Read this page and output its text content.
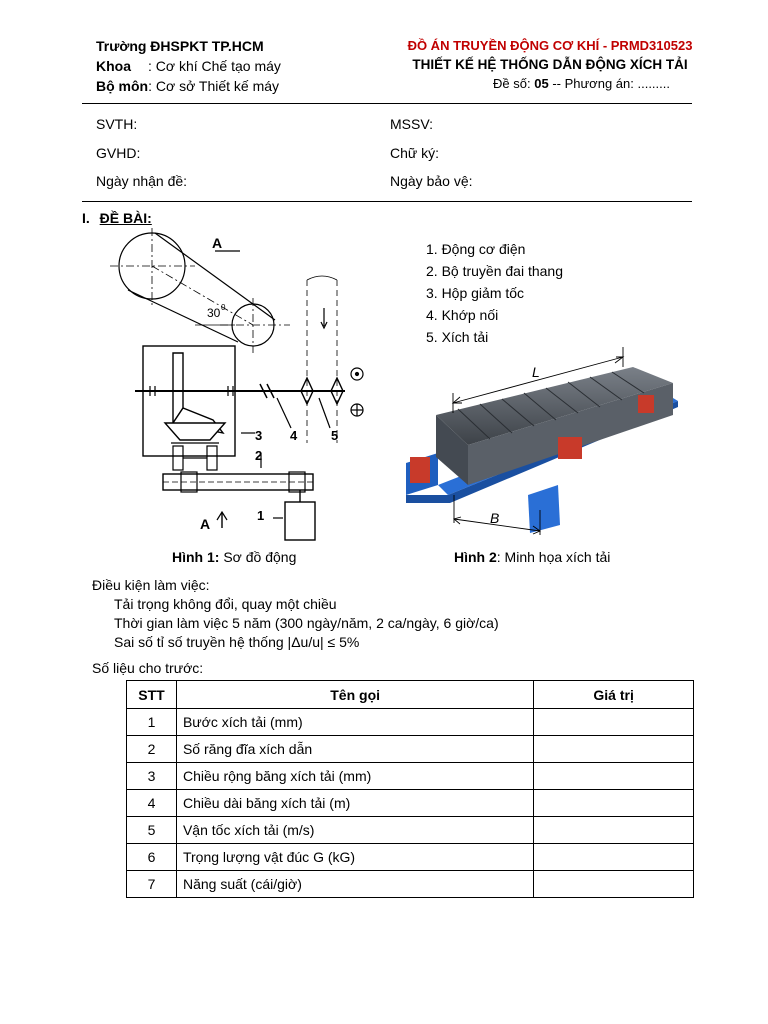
Trường ĐHSPKT TP.HCM
Khoa : Cơ khí Chế tạo máy
Bộ môn: Cơ sở Thiết kế máy
ĐỒ ÁN TRUYỀN ĐỘNG CƠ KHÍ - PRMD310523
THIẾT KẾ HỆ THỐNG DẪN ĐỘNG XÍCH TẢI
Đề số: 05 -- Phương án: .........
SVTH:	MSSV:
GVHD:	Chữ ký:
Ngày nhận đề:	Ngày bảo vệ:
I. ĐỀ BÀI:
A
30 0
3 4	5
2
1
A
Hình 1: Sơ đồ động
1. Động cơ điện
2. Bộ truyền đai thang
3. Hộp giảm tốc
4. Khớp nối
5. Xích tải
L
B
Hình 2: Minh họa xích tải
Điều kiện làm việc:
Tải trọng không đổi, quay một chiều
Thời gian làm việc 5 năm (300 ngày/năm, 2 ca/ngày, 6 giờ/ca)
Sai số tỉ số truyền hệ thống |Δu/u| ≤ 5%
Số liệu cho trước:
STT	Tên gọi	Giá trị
1	Bước xích tải (mm)	
2	Số răng đĩa xích dẫn	
3	Chiều rộng băng xích tải (mm)	
4	Chiều dài băng xích tải (m)	
5	Vận tốc xích tải (m/s)	
6	Trọng lượng vật đúc G (kG)	
7	Năng suất (cái/giờ)	
